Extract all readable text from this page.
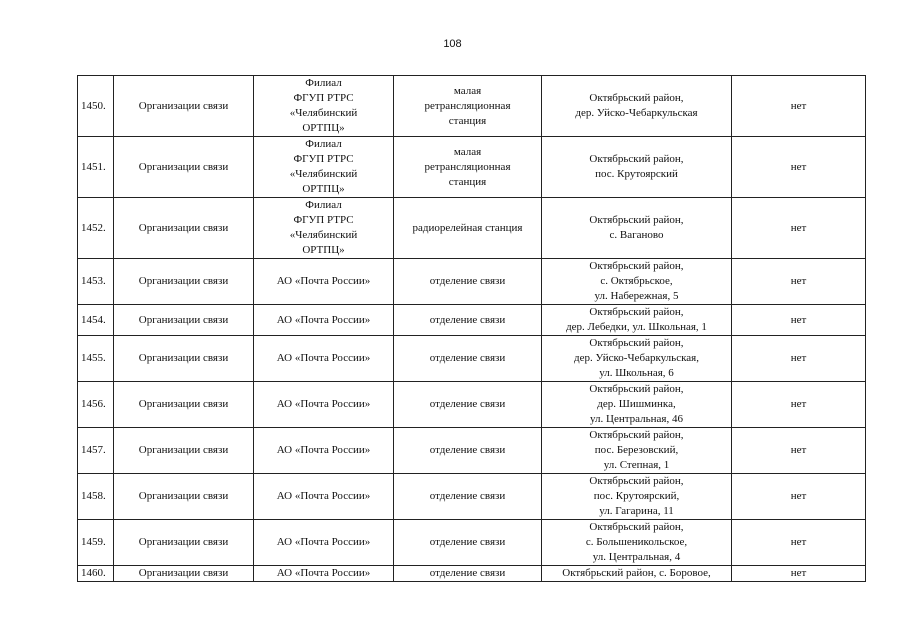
108
1450.	Организации связи	Филиал
ФГУП РТРС
«Челябинский
ОРТПЦ»	малая
ретрансляционная
станция	Октябрьский район,
дер. Уйско-Чебаркульская	нет
1451.	Организации связи	Филиал
ФГУП РТРС
«Челябинский
ОРТПЦ»	малая
ретрансляционная
станция	Октябрьский район,
пос. Крутоярский	нет
1452.	Организации связи	Филиал
ФГУП РТРС
«Челябинский
ОРТПЦ»	радиорелейная станция	Октябрьский район,
с. Ваганово	нет
1453.	Организации связи	АО «Почта России»	отделение связи	Октябрьский район,
с. Октябрьское,
ул. Набережная, 5	нет
1454.	Организации связи	АО «Почта России»	отделение связи	Октябрьский район,
дер. Лебедки, ул. Школьная, 1	нет
1455.	Организации связи	АО «Почта России»	отделение связи	Октябрьский район,
дер. Уйско-Чебаркульская,
ул. Школьная, 6	нет
1456.	Организации связи	АО «Почта России»	отделение связи	Октябрьский район,
дер. Шишминка,
ул. Центральная, 46	нет
1457.	Организации связи	АО «Почта России»	отделение связи	Октябрьский район,
пос. Березовский,
ул. Степная, 1	нет
1458.	Организации связи	АО «Почта России»	отделение связи	Октябрьский район,
пос. Крутоярский,
ул. Гагарина, 11	нет
1459.	Организации связи	АО «Почта России»	отделение связи	Октябрьский район,
с. Большеникольское,
ул. Центральная, 4	нет
1460.	Организации связи	АО «Почта России»	отделение связи	Октябрьский район, с. Боровое,	нет
